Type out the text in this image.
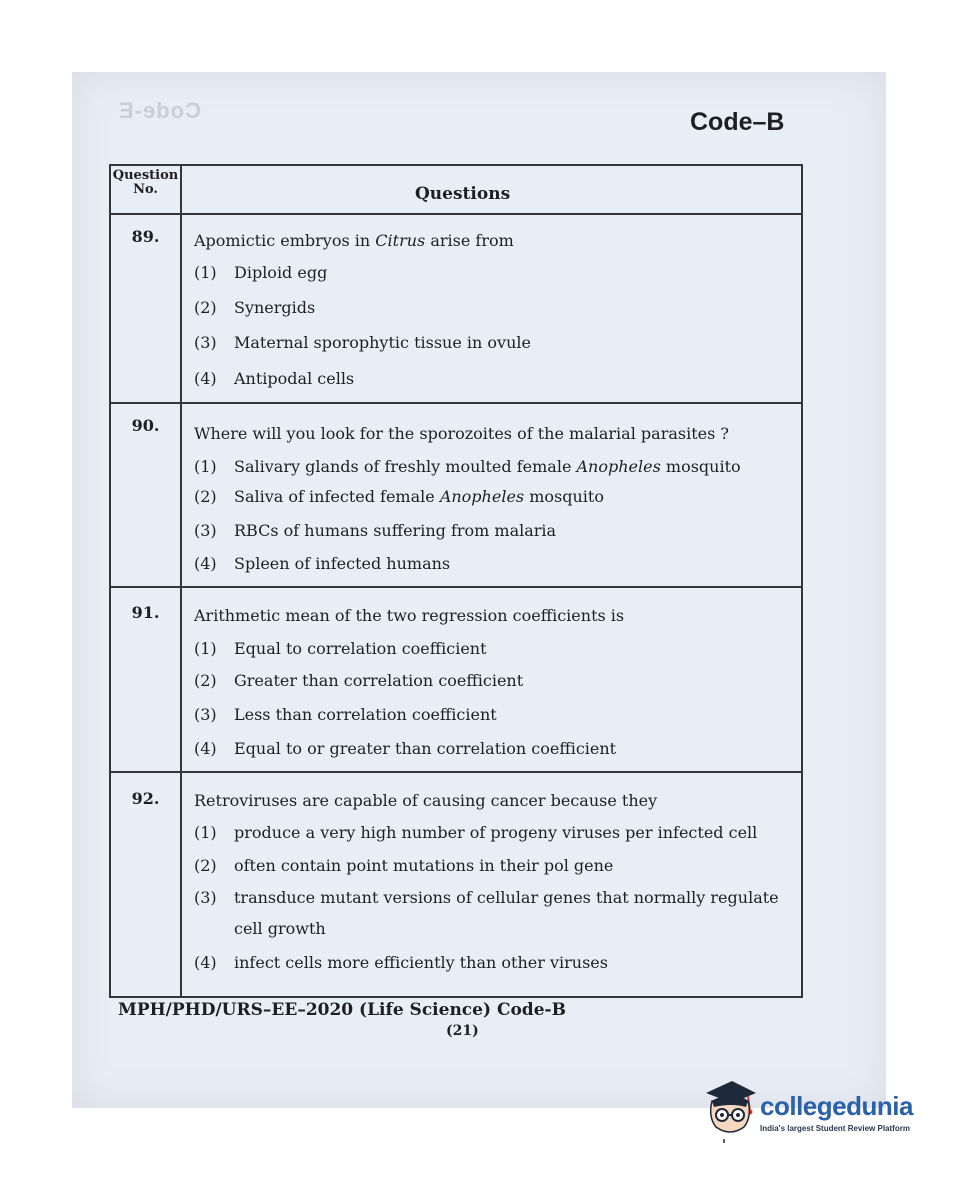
Code-E	Code–B
Question No.	Questions
89.	Apomictic embryos in Citrus arise from
(1) Diploid egg
(2) Synergids
(3) Maternal sporophytic tissue in ovule
(4) Antipodal cells
90.	Where will you look for the sporozoites of the malarial parasites ?
(1) Salivary glands of freshly moulted female Anopheles mosquito
(2) Saliva of infected female Anopheles mosquito
(3) RBCs of humans suffering from malaria
(4) Spleen of infected humans
91.	Arithmetic mean of the two regression coefficients is
(1) Equal to correlation coefficient
(2) Greater than correlation coefficient
(3) Less than correlation coefficient
(4) Equal to or greater than correlation coefficient
92.	Retroviruses are capable of causing cancer because they
(1) produce a very high number of progeny viruses per infected cell
(2) often contain point mutations in their pol gene
(3) transduce mutant versions of cellular genes that normally regulate
cell growth
(4) infect cells more efficiently than other viruses
MPH/PHD/URS–EE–2020 (Life Science) Code-B
(21)
collegedunia
India's largest Student Review Platform
